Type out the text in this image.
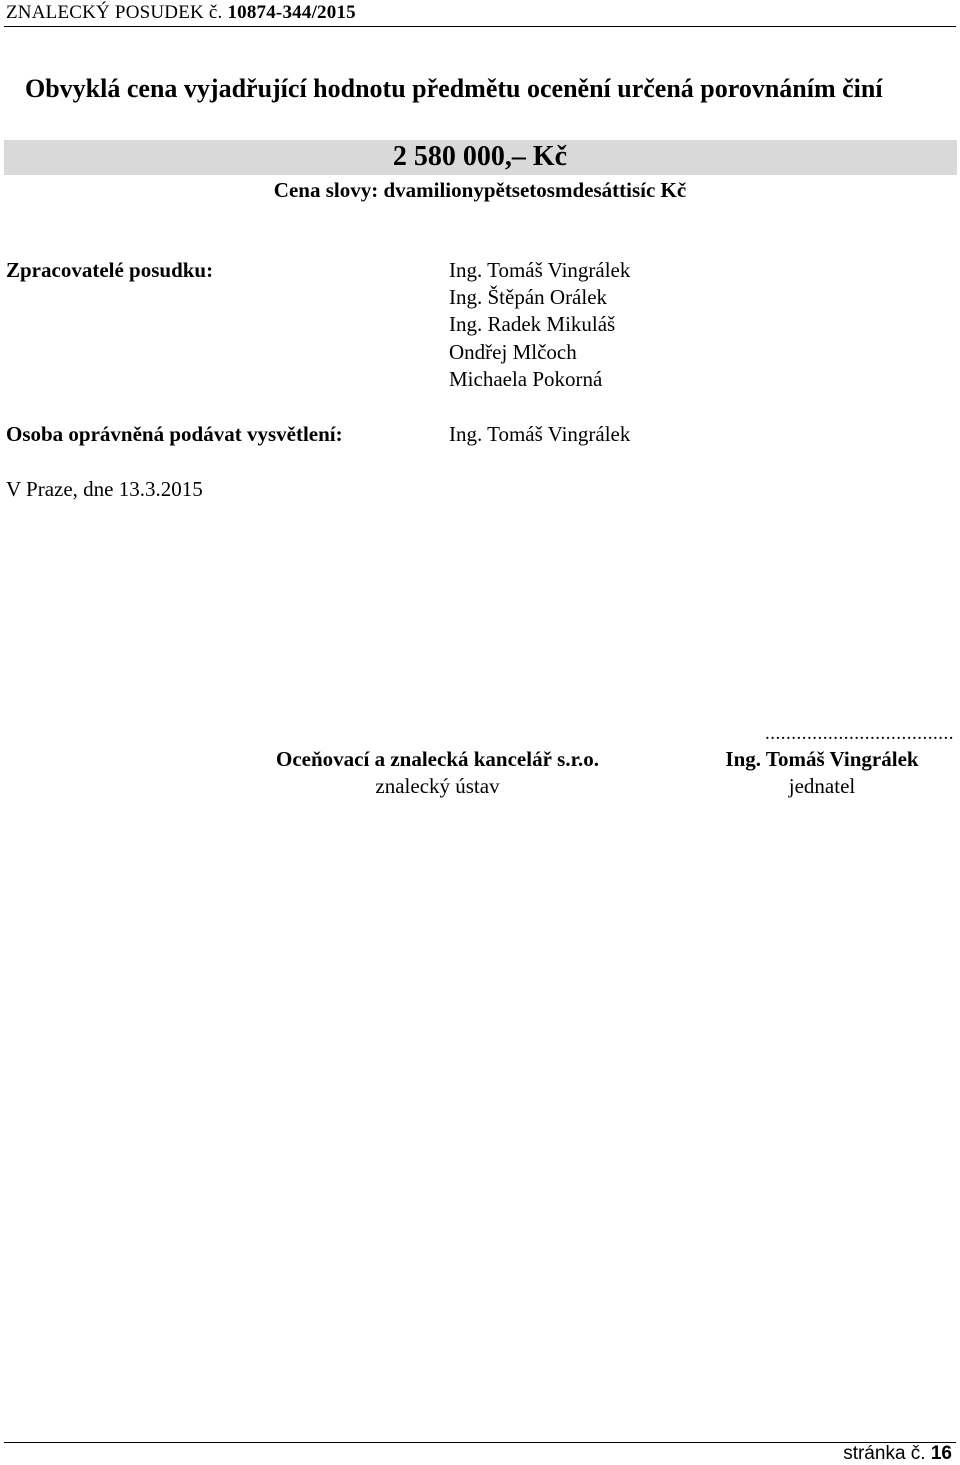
ZNALECKÝ POSUDEK č. 10874-344/2015
Obvyklá cena vyjadřující hodnotu předmětu ocenění určená porovnáním činí
2 580 000,– Kč
Cena slovy: dvamilionypětsetosmdesáttisíc Kč
Zpracovatelé posudku:	Ing. Tomáš Vingrálek
Ing. Štěpán Orálek
Ing. Radek Mikuláš
Ondřej Mlčoch
Michaela Pokorná
Osoba oprávněná podávat vysvětlení:	Ing. Tomáš Vingrálek
V Praze, dne 13.3.2015
Oceňovací a znalecká kancelář s.r.o.
znalecký ústav
....................................
Ing. Tomáš Vingrálek
jednatel
stránka č. 16
